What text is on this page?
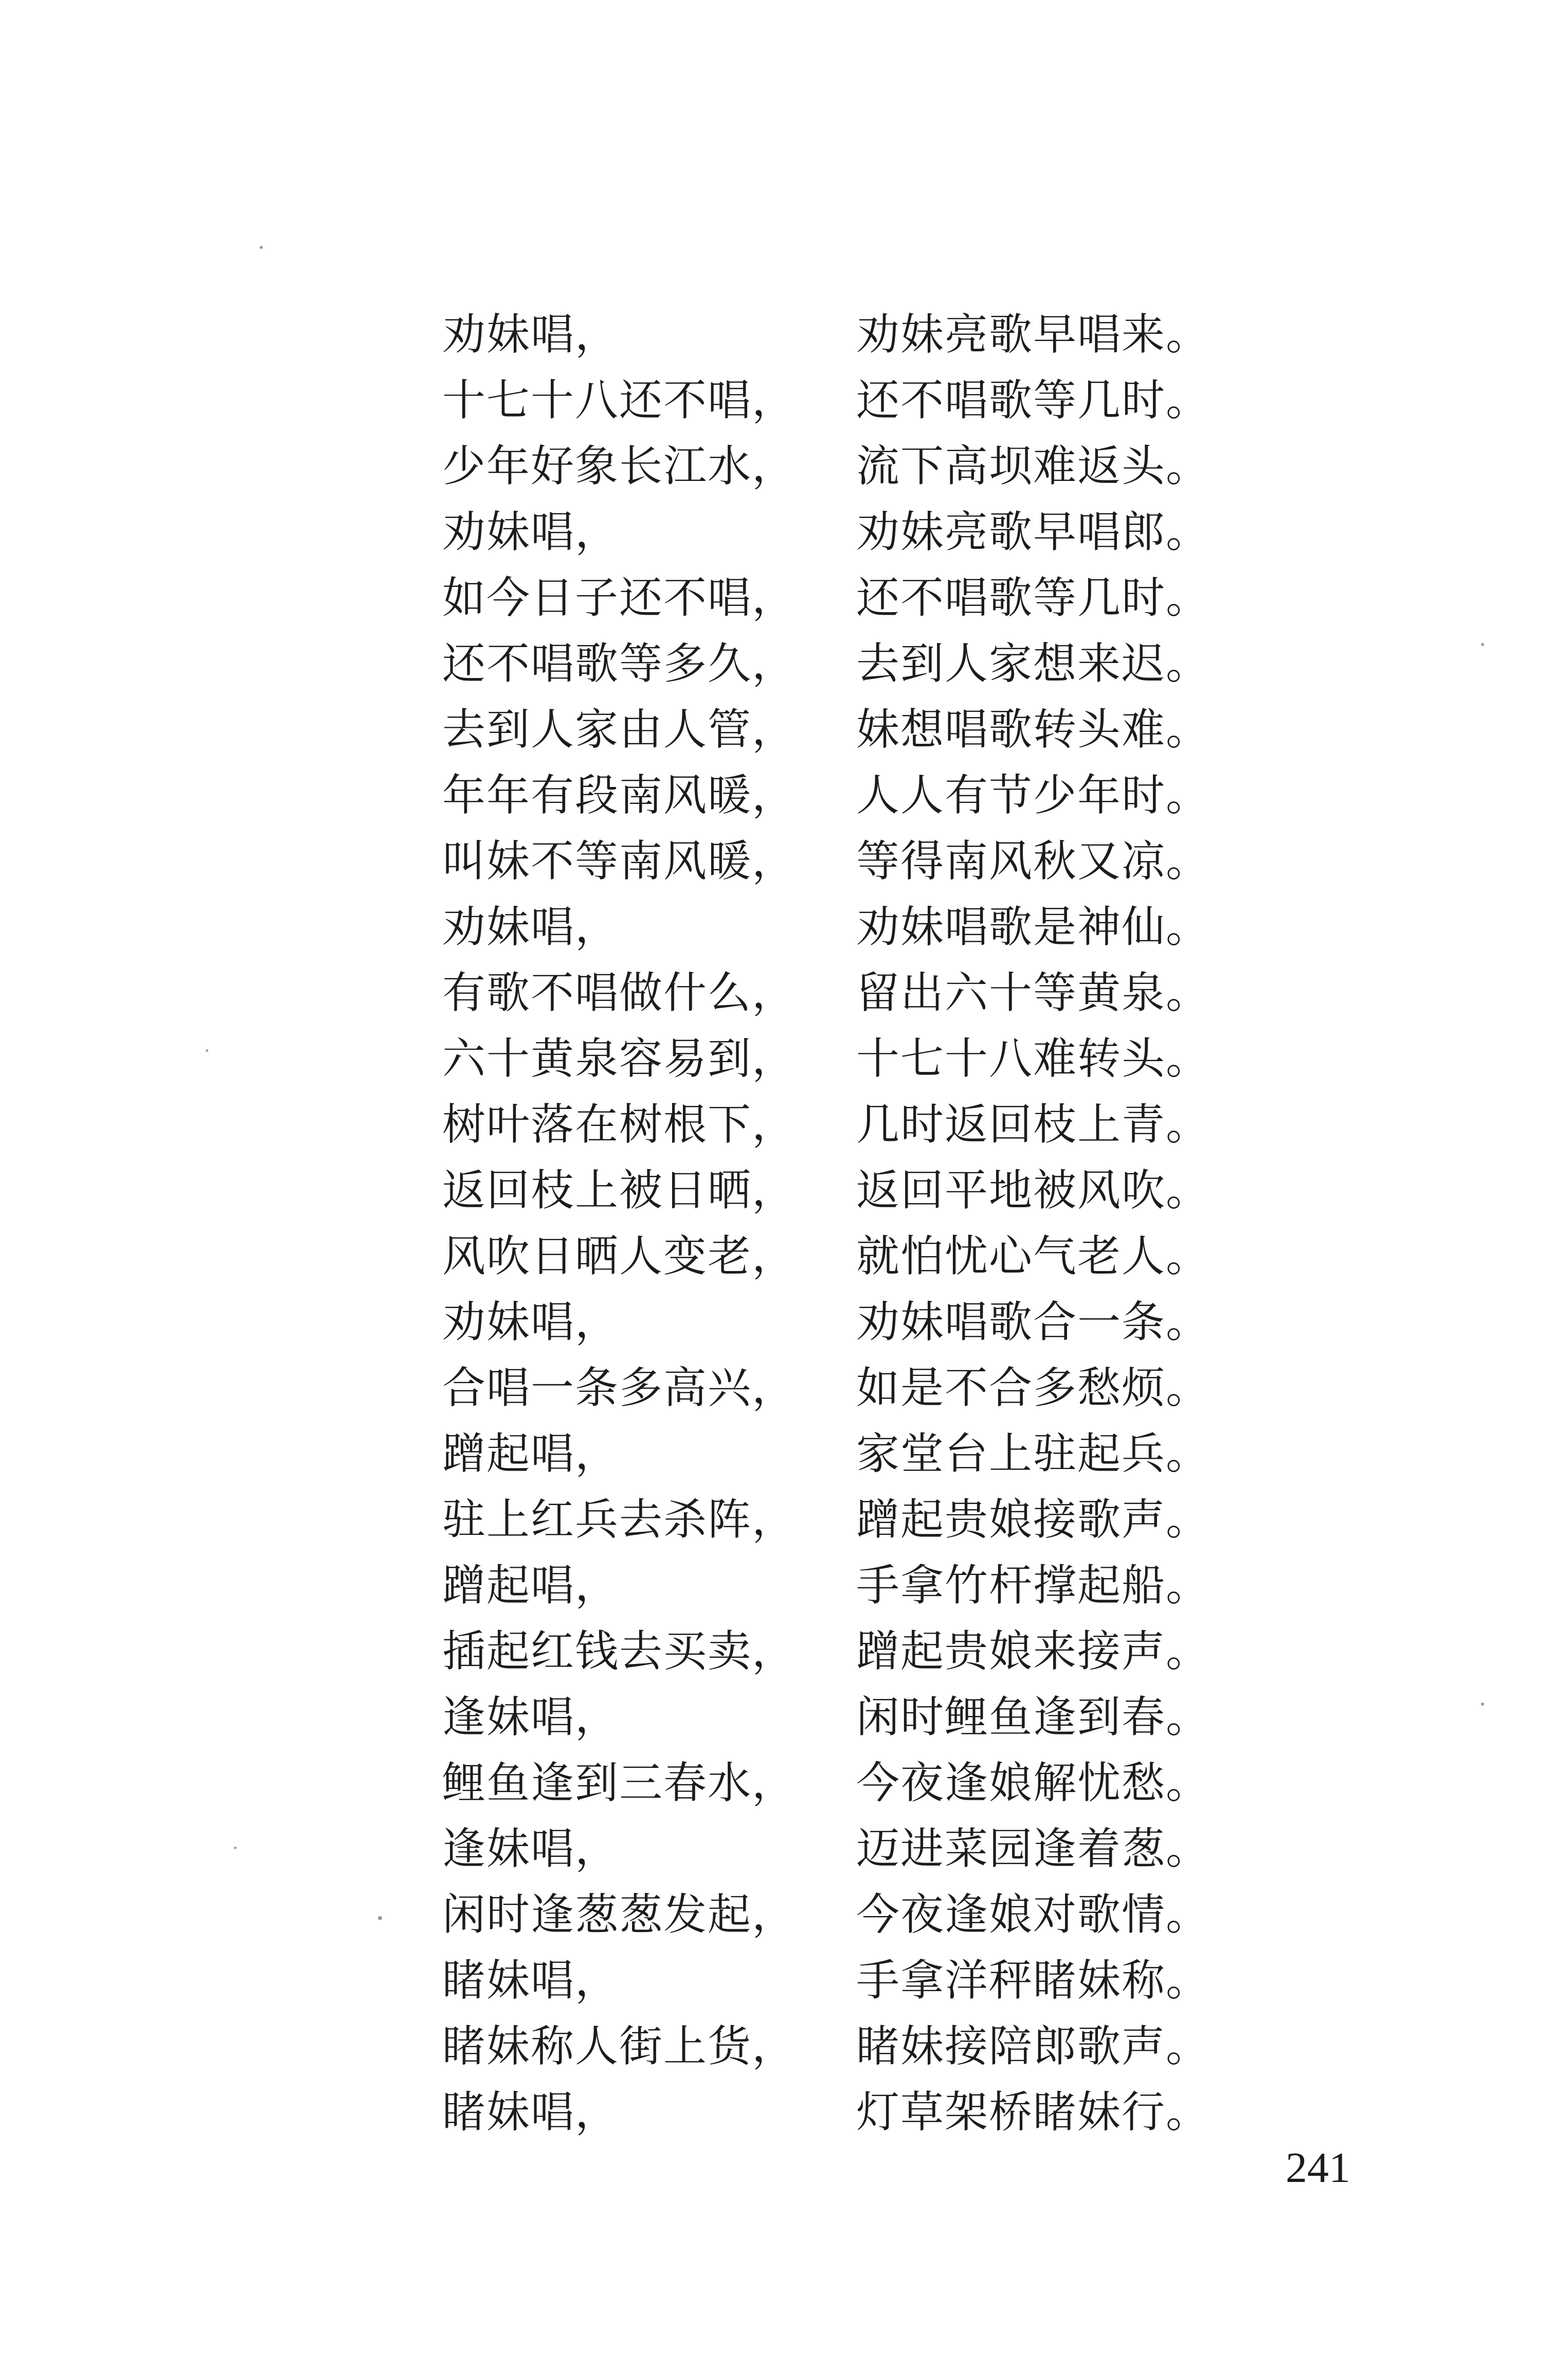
劝妹唱，	劝妹亮歌早唱来。
十七十八还不唱， 还不唱歌等几时。
少年好象长江水， 流下高坝难返头。
劝妹唱，	劝妹亮歌早唱郎。
如今日子还不唱， 还不唱歌等几时。
还不唱歌等多久， 去到人家想来迟。
去到人家由人管， 妹想唱歌转头难。
年年有段南风暖， 人人有节少年时。
叫妹不等南风暖， 等得南风秋又凉。
劝妹唱，	劝妹唱歌是神仙。
有歌不唱做什么， 留出六十等黄泉。
六十黄泉容易到， 十七十八难转头。
树叶落在树根下， 几时返回枝上青。
返回枝上被日晒， 返回平地被风吹。
风吹日晒人变老， 就怕忧心气老人。
劝妹唱，	劝妹唱歌合一条。
合唱一条多高兴， 如是不合多愁烦。
蹭起唱，	家堂台上驻起兵。
驻上红兵去杀阵， 蹭起贵娘接歌声。
蹭起唱，	手拿竹杆撑起船。
插起红钱去买卖， 蹭起贵娘来接声。
逢妹唱，	闲时鲤鱼逢到春。
鲤鱼逢到三春水， 今夜逢娘解忧愁。
逢妹唱，	迈进菜园逢着葱。
闲时逢葱葱发起， 今夜逢娘对歌情。
睹妹唱，	手拿洋秤睹妹称。
睹妹称人街上货， 睹妹接陪郎歌声。
睹妹唱，	灯草架桥睹妹行。
241
